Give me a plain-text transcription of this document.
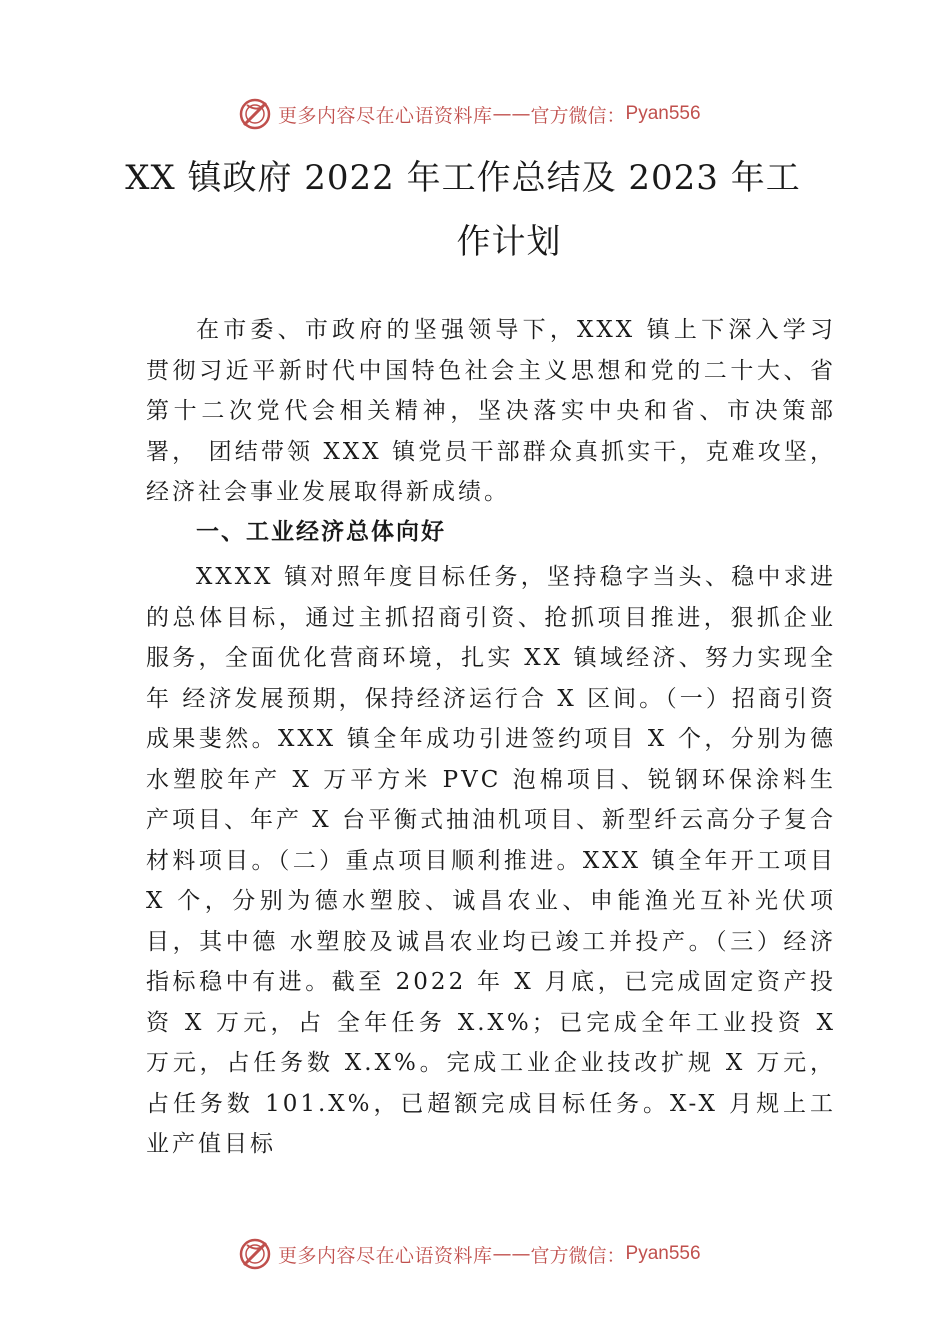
更多内容尽在心语资料库 —— 官方微信： Pyan556
XX 镇政府 2022 年工作总结及 2023 年工
作计划
在市委、市政府的坚强领导下，XXX 镇上下深入学习贯彻习近平新时代中国特色社会主义思想和党的二十大、省第十二次党代会相关精神，坚决落实中央和省、市决策部署， 团结带领 XXX 镇党员干部群众真抓实干，克难攻坚，经济社会事业发展取得新成绩。
一、工业经济总体向好
XXXX 镇对照年度目标任务，坚持稳字当头、稳中求进的总体目标，通过主抓招商引资、抢抓项目推进，狠抓企业服务，全面优化营商环境，扎实 XX 镇域经济、努力实现全年 经济发展预期，保持经济运行合 X 区间。（一）招商引资成果斐然。XXX 镇全年成功引进签约项目 X 个，分别为德水塑胶年产 X 万平方米 PVC 泡棉项目、锐钢环保涂料生产项目、年产 X 台平衡式抽油机项目、新型纤云高分子复合材料项目。（二）重点项目顺利推进。XXX 镇全年开工项目 X 个，分别为德水塑胶、诚昌农业、申能渔光互补光伏项目，其中德 水塑胶及诚昌农业均已竣工并投产。（三）经济指标稳中有进。截至 2022 年 X 月底，已完成固定资产投资 X 万元，占 全年任务 X.X%；已完成全年工业投资 X 万元，占任务数 X.X%。完成工业企业技改扩规 X 万元，占任务数 101.X%，已超额完成目标任务。X-X 月规上工业产值目标
更多内容尽在心语资料库 —— 官方微信： Pyan556
